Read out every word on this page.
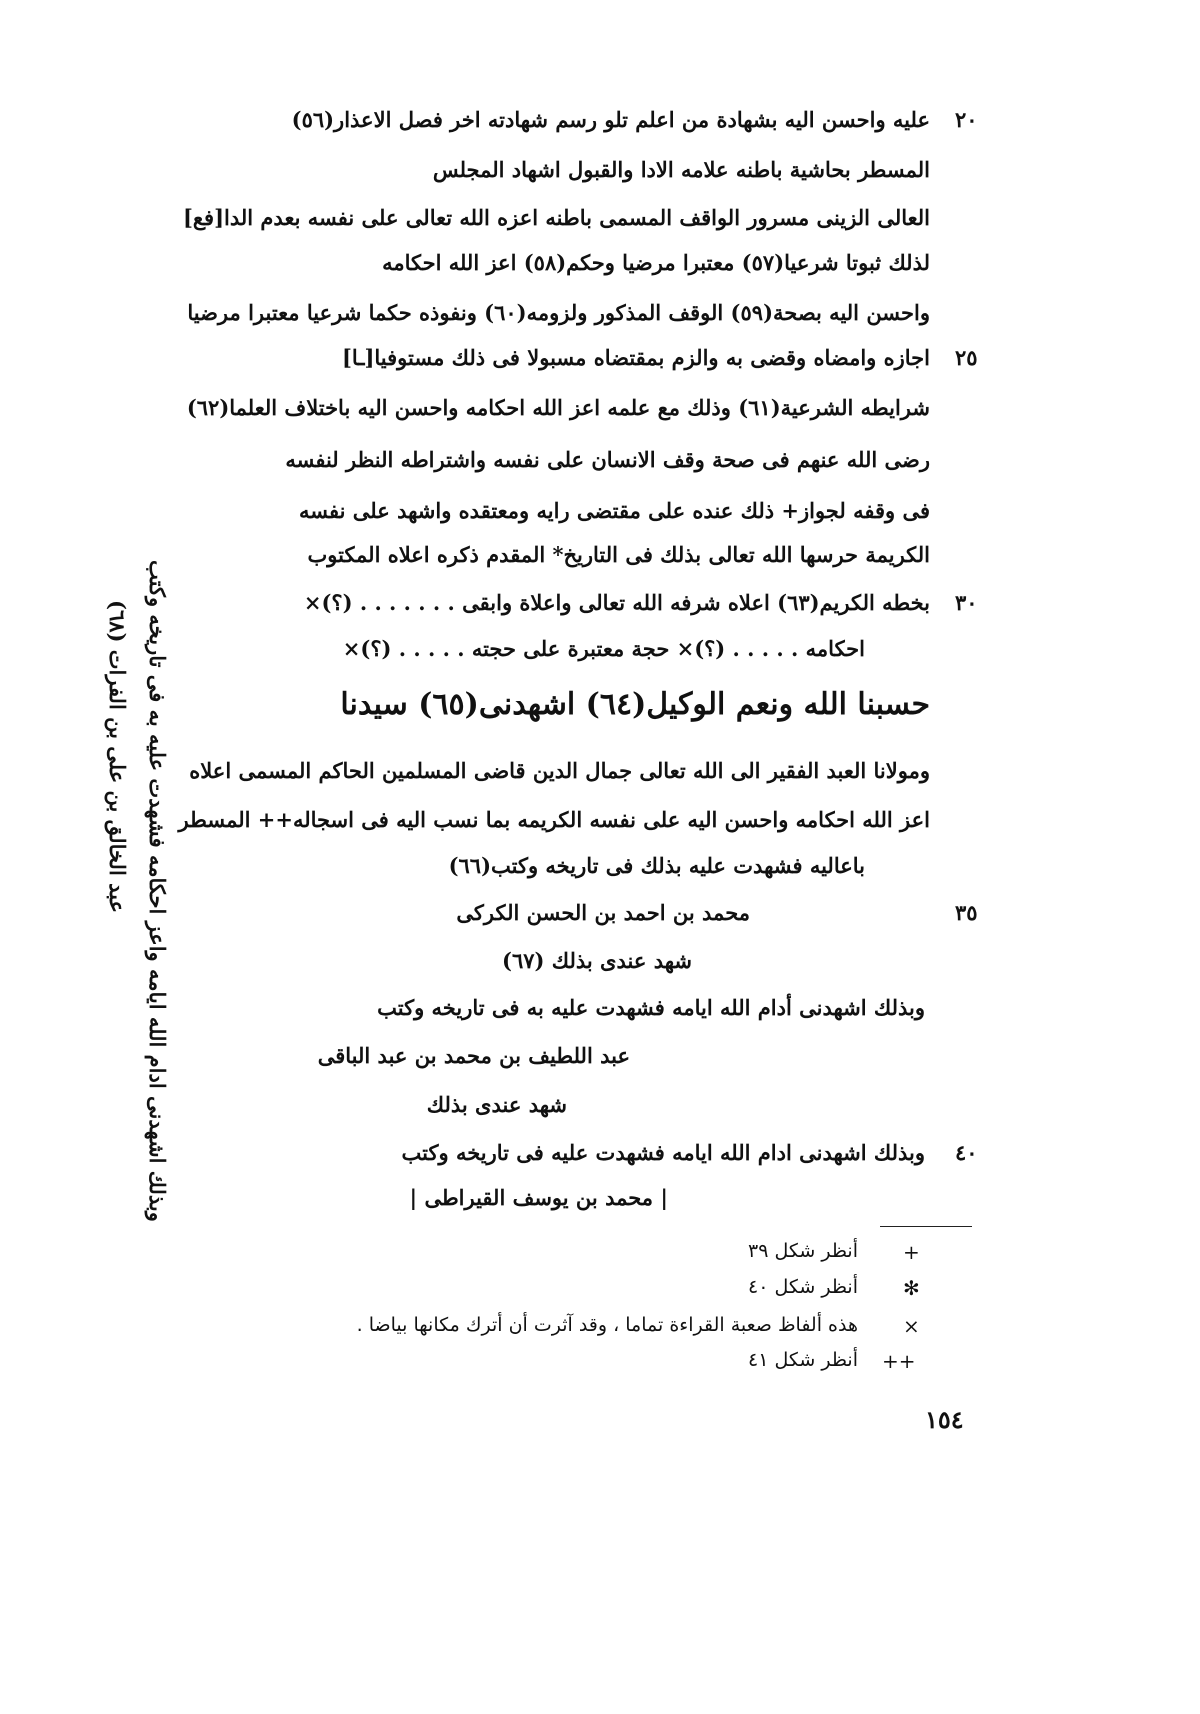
عليه واحسن اليه بشهادة من اعلم تلو رسم شهادته اخر فصل الاعذار(٥٦) ٢٠
المسطر بحاشية باطنه علامه الادا والقبول اشهاد المجلس
العالى الزينى مسرور الواقف المسمى باطنه اعزه الله تعالى على نفسه بعدم الدا[فع]
لذلك ثبوتا شرعيا(٥٧) معتبرا مرضيا وحكم(٥٨) اعز الله احكامه
واحسن اليه بصحة(٥٩) الوقف المذكور ولزومه(٦٠) ونفوذه حكما شرعيا معتبرا مرضيا
اجازه وامضاه وقضى به والزم بمقتضاه مسبولا فى ذلك مستوفيا[ـا] ٢٥
شرايطه الشرعية(٦١) وذلك مع علمه اعز الله احكامه واحسن اليه باختلاف العلما(٦٢)
رضى الله عنهم فى صحة وقف الانسان على نفسه واشتراطه النظر لنفسه
فى وقفه لجواز+ ذلك عنده على مقتضى رايه ومعتقده واشهد على نفسه
الكريمة حرسها الله تعالى بذلك فى التاريخ* المقدم ذكره اعلاه المكتوب
بخطه الكريم(٦٣) اعلاه شرفه الله تعالى واعلاة وابقى . . . . . . . (؟)× ٣٠
احكامه . . . . . (؟)× حجة معتبرة على حجته . . . . . (؟)×
حسبنا الله ونعم الوكيل(٦٤) اشهدنى(٦٥) سيدنا
ومولانا العبد الفقير الى الله تعالى جمال الدين قاضى المسلمين الحاكم المسمى اعلاه
اعز الله احكامه واحسن اليه على نفسه الكريمه بما نسب اليه فى اسجاله++ المسطر
باعاليه فشهدت عليه بذلك فى تاريخه وكتب(٦٦)
محمد بن احمد بن الحسن الكركى	٣٥
شهد عندى بذلك (٦٧)
وبذلك اشهدنى أدام الله ايامه فشهدت عليه به فى تاريخه وكتب
عبد اللطيف بن محمد بن عبد الباقى
شهد عندى بذلك
وبذلك اشهدنى ادام الله ايامه فشهدت عليه فى تاريخه وكتب ٤٠
| محمد بن يوسف القيراطى |
وبذلك اشهدنى ادام الله ايامه واعز احكامه فشهدت عليه به فى تاريخه وكتب
عبد الخالق بن على بن الفرات (٦٨)
+
أنظر شكل ٣٩
✻
أنظر شكل ٤٠
×
هذه ألفاظ صعبة القراءة تماما ، وقد آثرت أن أترك مكانها بياضا .
++
أنظر شكل ٤١
١٥٤
